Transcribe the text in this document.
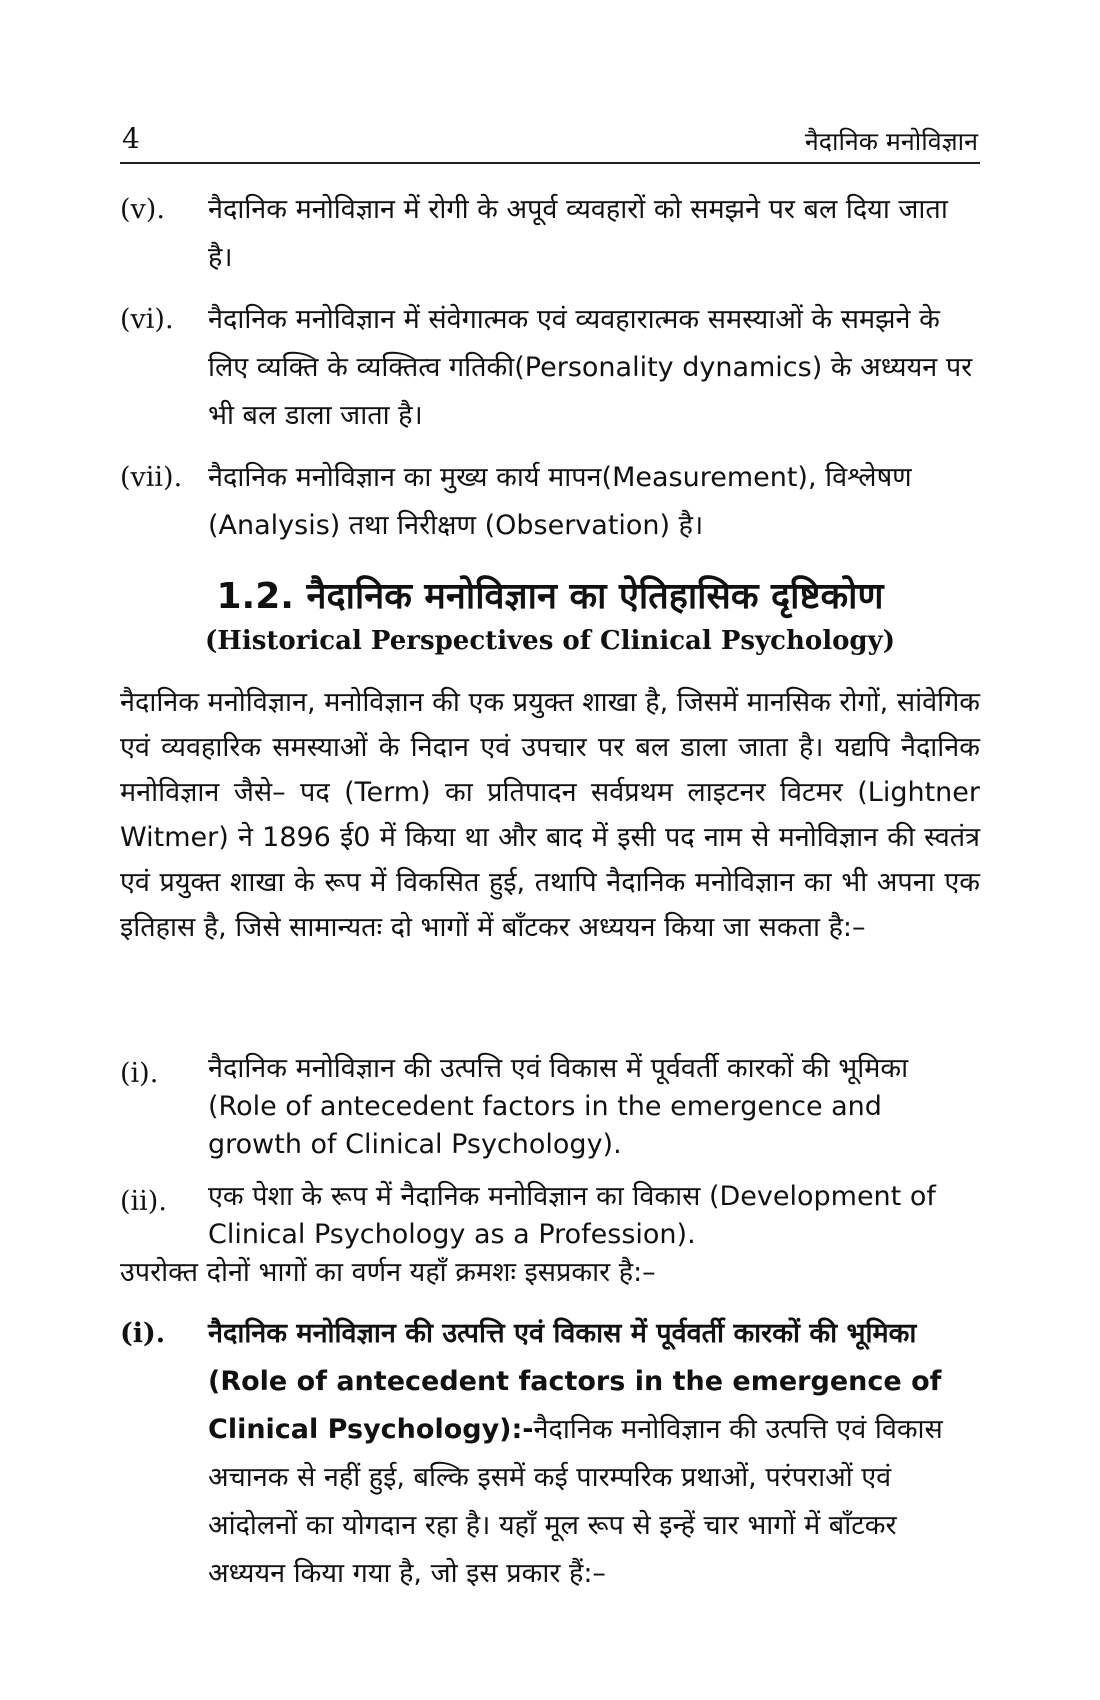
4	नैदानिक मनोविज्ञान
(v).	नैदानिक मनोविज्ञान में रोगी के अपूर्व व्यवहारों को समझने पर बल दिया जाता है।
(vi).	नैदानिक मनोविज्ञान में संवेगात्मक एवं व्यवहारात्मक समस्याओं के समझने के लिए व्यक्ति के व्यक्तित्व गतिकी(Personality dynamics) के अध्ययन पर भी बल डाला जाता है।
(vii). नैदानिक मनोविज्ञान का मुख्य कार्य मापन(Measurement), विश्लेषण (Analysis) तथा निरीक्षण (Observation) है।
1.2. नैदानिक मनोविज्ञान का ऐतिहासिक दृष्टिकोण
(Historical Perspectives of Clinical Psychology)
नैदानिक मनोविज्ञान, मनोविज्ञान की एक प्रयुक्त शाखा है, जिसमें मानसिक रोगों, सांवेगिक एवं व्यवहारिक समस्याओं के निदान एवं उपचार पर बल डाला जाता है। यद्यपि नैदानिक मनोविज्ञान जैसे– पद (Term) का प्रतिपादन सर्वप्रथम लाइटनर विटमर (Lightner Witmer) ने 1896 ई0 में किया था और बाद में इसी पद नाम से मनोविज्ञान की स्वतंत्र एवं प्रयुक्त शाखा के रूप में विकसित हुई, तथापि नैदानिक मनोविज्ञान का भी अपना एक इतिहास है, जिसे सामान्यतः दो भागों में बाँटकर अध्ययन किया जा सकता है:–
(i).	नैदानिक मनोविज्ञान की उत्पत्ति एवं विकास में पूर्ववर्ती कारकों की भूमिका (Role of antecedent factors in the emergence and growth of Clinical Psychology).
(ii).	एक पेशा के रूप में नैदानिक मनोविज्ञान का विकास (Development of Clinical Psychology as a Profession).
उपरोक्त दोनों भागों का वर्णन यहाँ क्रमशः इसप्रकार है:–
(i).	नैदानिक मनोविज्ञान की उत्पत्ति एवं विकास में पूर्ववर्ती कारकों की भूमिका (Role of antecedent factors in the emergence of Clinical Psychology):-नैदानिक मनोविज्ञान की उत्पत्ति एवं विकास अचानक से नहीं हुई, बल्कि इसमें कई पारम्परिक प्रथाओं, परंपराओं एवं आंदोलनों का योगदान रहा है। यहाँ मूल रूप से इन्हें चार भागों में बाँटकर अध्ययन किया गया है, जो इस प्रकार हैं:–
